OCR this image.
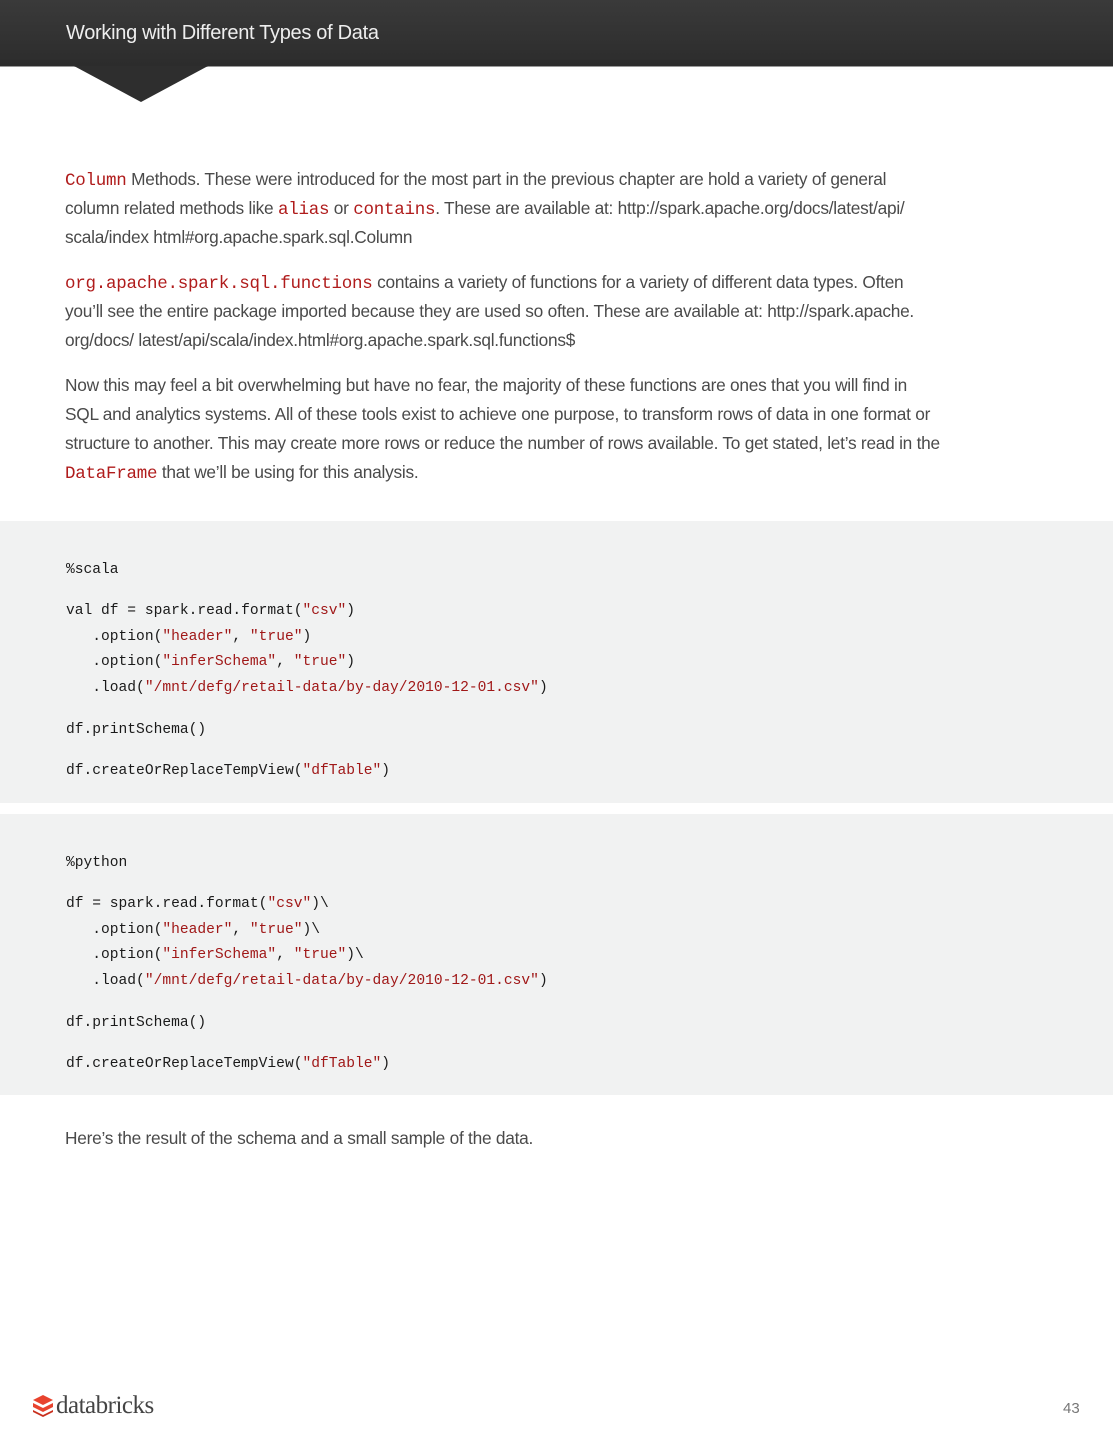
Working with Different Types of Data
Column Methods. These were introduced for the most part in the previous chapter are hold a variety of general
column related methods like alias or contains. These are available at: http://spark.apache.org/docs/latest/api/
scala/index html#org.apache.spark.sql.Column
org.apache.spark.sql.functions contains a variety of functions for a variety of different data types. Often
you’ll see the entire package imported because they are used so often. These are available at: http://spark.apache.
org/docs/ latest/api/scala/index.html#org.apache.spark.sql.functions$
Now this may feel a bit overwhelming but have no fear, the majority of these functions are ones that you will find in
SQL and analytics systems. All of these tools exist to achieve one purpose, to transform rows of data in one format or
structure to another. This may create more rows or reduce the number of rows available. To get stated, let’s read in the
DataFrame that we’ll be using for this analysis.
%scala
val df = spark.read.format("csv")
.option("header", "true")
.option("inferSchema", "true")
.load("/mnt/defg/retail-data/by-day/2010-12-01.csv")
df.printSchema()
df.createOrReplaceTempView("dfTable")
%python
df = spark.read.format("csv")\
.option("header", "true")\
.option("inferSchema", "true")\
.load("/mnt/defg/retail-data/by-day/2010-12-01.csv")
df.printSchema()
df.createOrReplaceTempView("dfTable")
Here’s the result of the schema and a small sample of the data.
databricks	43
